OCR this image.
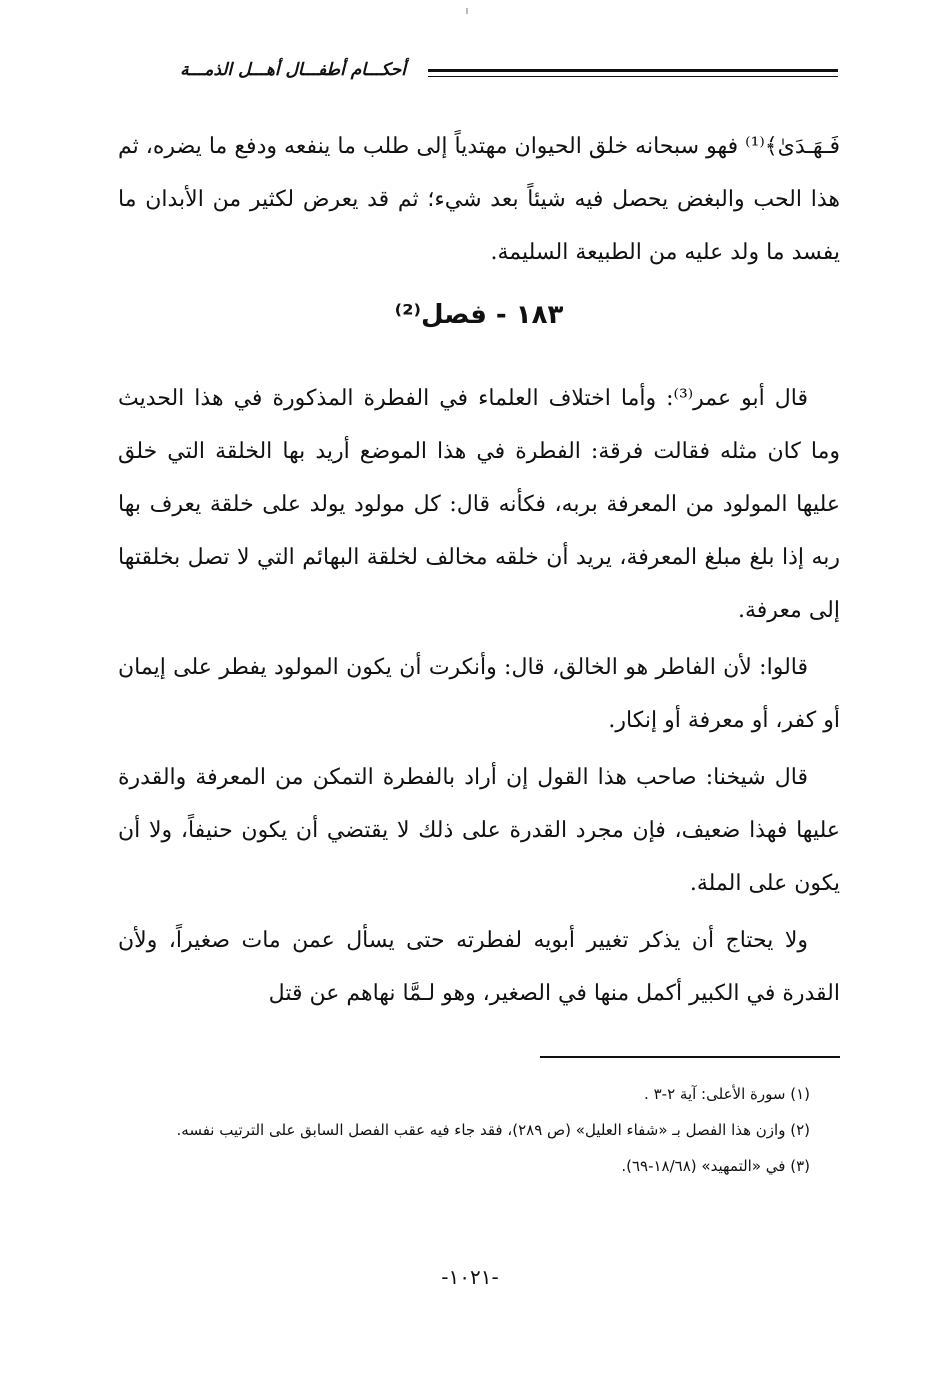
أحكـــام أطفـــال أهـــل الذمـــة

فَـهَـدَىٰ﴾⁽¹⁾ فهو سبحانه خلق الحيوان مهتدياً إلى طلب ما ينفعه ودفع ما يضره، ثم هذا الحب والبغض يحصل فيه شيئاً بعد شيء؛ ثم قد يعرض لكثير من الأبدان ما يفسد ما ولد عليه من الطبيعة السليمة.

١٨٣ - فصل⁽²⁾

قال أبو عمر⁽³⁾: وأما اختلاف العلماء في الفطرة المذكورة في هذا الحديث وما كان مثله فقالت فرقة: الفطرة في هذا الموضع أريد بها الخلقة التي خلق عليها المولود من المعرفة بربه، فكأنه قال: كل مولود يولد على خلقة يعرف بها ربه إذا بلغ مبلغ المعرفة، يريد أن خلقه مخالف لخلقة البهائم التي لا تصل بخلقتها إلى معرفة.

قالوا: لأن الفاطر هو الخالق، قال: وأنكرت أن يكون المولود يفطر على إيمان أو كفر، أو معرفة أو إنكار.

قال شيخنا: صاحب هذا القول إن أراد بالفطرة التمكن من المعرفة والقدرة عليها فهذا ضعيف، فإن مجرد القدرة على ذلك لا يقتضي أن يكون حنيفاً، ولا أن يكون على الملة.

ولا يحتاج أن يذكر تغيير أبويه لفطرته حتى يسأل عمن مات صغيراً، ولأن القدرة في الكبير أكمل منها في الصغير، وهو لـمَّا نهاهم عن قتل

(١) سورة الأعلى: آية ٢-٣ .

(٢) وازن هذا الفصل بـ «شفاء العليل» (ص ٢٨٩)، فقد جاء فيه عقب الفصل السابق على الترتيب نفسه.

(٣) في «التمهيد» (١٨/٦٨-٦٩).

-١٠٢١-
